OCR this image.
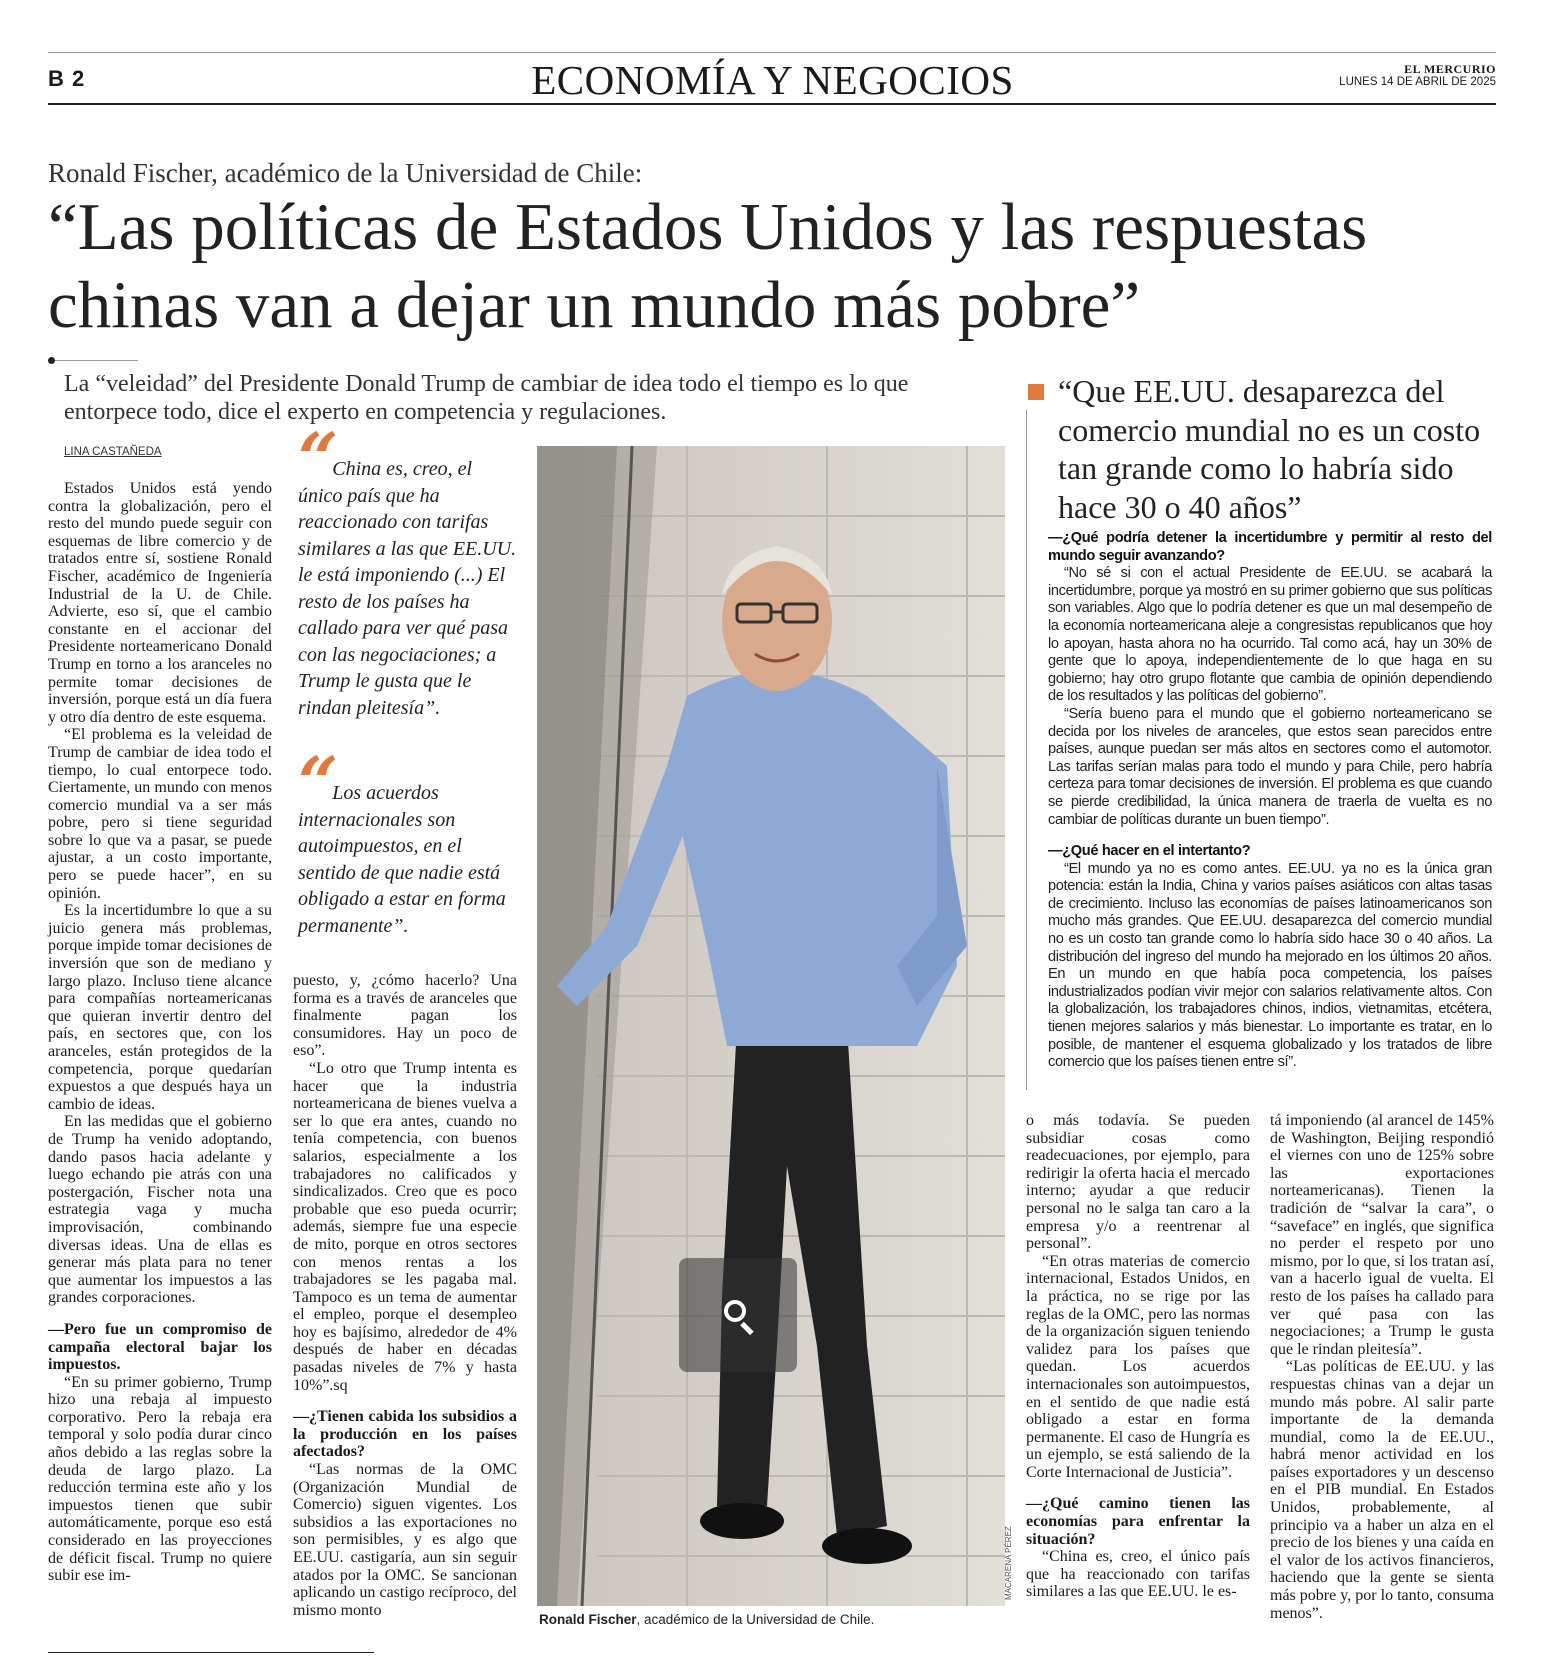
B 2	ECONOMÍA Y NEGOCIOS	EL MERCURIO
LUNES 14 DE ABRIL DE 2025
Ronald Fischer, académico de la Universidad de Chile:
“Las políticas de Estados Unidos y las respuestas
chinas van a dejar un mundo más pobre”
La “veleidad” del Presidente Donald Trump de cambiar de idea todo el tiempo es lo que entorpece todo, dice el experto en competencia y regulaciones.
LINA CASTAÑEDA

Estados Unidos está yendo contra la globalización, pero el resto del mundo puede seguir con esquemas de libre comercio y de tratados entre sí, sostiene Ronald Fischer, académico de Ingeniería Industrial de la U. de Chile. Advierte, eso sí, que el cambio constante en el accionar del Presidente norteamericano Donald Trump en torno a los aranceles no permite tomar decisiones de inversión, porque está un día fuera y otro día dentro de este esquema.

“El problema es la veleidad de Trump de cambiar de idea todo el tiempo, lo cual entorpece todo. Ciertamente, un mundo con menos comercio mundial va a ser más pobre, pero si tiene seguridad sobre lo que va a pasar, se puede ajustar, a un costo importante, pero se puede hacer”, en su opinión.

Es la incertidumbre lo que a su juicio genera más problemas, porque impide tomar decisiones de inversión que son de mediano y largo plazo. Incluso tiene alcance para compañías norteamericanas que quieran invertir dentro del país, en sectores que, con los aranceles, están protegidos de la competencia, porque quedarían expuestos a que después haya un cambio de ideas.

En las medidas que el gobierno de Trump ha venido adoptando, dando pasos hacia adelante y luego echando pie atrás con una postergación, Fischer nota una estrategia vaga y mucha improvisación, combinando diversas ideas. Una de ellas es generar más plata para no tener que aumentar los impuestos a las grandes corporaciones.

—Pero fue un compromiso de campaña electoral bajar los impuestos.

“En su primer gobierno, Trump hizo una rebaja al impuesto corporativo. Pero la rebaja era temporal y solo podía durar cinco años debido a las reglas sobre la deuda de largo plazo. La reducción termina este año y los impuestos tienen que subir automáticamente, porque eso está considerado en las proyecciones de déficit fiscal. Trump no quiere subir ese im-

“ China es, creo, el único país que ha reaccionado con tarifas similares a las que EE.UU. le está imponiendo (...) El resto de los países ha callado para ver qué pasa con las negociaciones; a Trump le gusta que le rindan pleitesía”.
“ Los acuerdos internacionales son autoimpuestos, en el sentido de que nadie está obligado a estar en forma permanente”.

puesto, y, ¿cómo hacerlo? Una forma es a través de aranceles que finalmente pagan los consumidores. Hay un poco de eso”.

“Lo otro que Trump intenta es hacer que la industria norteamericana de bienes vuelva a ser lo que era antes, cuando no tenía competencia, con buenos salarios, especialmente a los trabajadores no calificados y sindicalizados. Creo que es poco probable que eso pueda ocurrir; además, siempre fue una especie de mito, porque en otros sectores con menos rentas a los trabajadores se les pagaba mal. Tampoco es un tema de aumentar el empleo, porque el desempleo hoy es bajísimo, alrededor de 4% después de haber en décadas pasadas niveles de 7% y hasta 10%”.sq

—¿Tienen cabida los subsidios a la producción en los países afectados?

“Las normas de la OMC (Organización Mundial de Comercio) siguen vigentes. Los subsidios a las exportaciones no son permisibles, y es algo que EE.UU. castigaría, aun sin seguir atados por la OMC. Se sancionan aplicando un castigo recíproco, del mismo monto

MACARENA PÉREZ
Ronald Fischer, académico de la Universidad de Chile.
“Que EE.UU. desaparezca del comercio mundial no es un costo tan grande como lo habría sido hace 30 o 40 años”

—¿Qué podría detener la incertidumbre y permitir al resto del mundo seguir avanzando?

“No sé si con el actual Presidente de EE.UU. se acabará la incertidumbre, porque ya mostró en su primer gobierno que sus políticas son variables. Algo que lo podría detener es que un mal desempeño de la economía norteamericana aleje a congresistas republicanos que hoy lo apoyan, hasta ahora no ha ocurrido. Tal como acá, hay un 30% de gente que lo apoya, independientemente de lo que haga en su gobierno; hay otro grupo flotante que cambia de opinión dependiendo de los resultados y las políticas del gobierno”.

“Sería bueno para el mundo que el gobierno norteamericano se decida por los niveles de aranceles, que estos sean parecidos entre países, aunque puedan ser más altos en sectores como el automotor. Las tarifas serían malas para todo el mundo y para Chile, pero habría certeza para tomar decisiones de inversión. El problema es que cuando se pierde credibilidad, la única manera de traerla de vuelta es no cambiar de políticas durante un buen tiempo”.

—¿Qué hacer en el intertanto?

“El mundo ya no es como antes. EE.UU. ya no es la única gran potencia: están la India, China y varios países asiáticos con altas tasas de crecimiento. Incluso las economías de países latinoamericanos son mucho más grandes. Que EE.UU. desaparezca del comercio mundial no es un costo tan grande como lo habría sido hace 30 o 40 años. La distribución del ingreso del mundo ha mejorado en los últimos 20 años. En un mundo en que había poca competencia, los países industrializados podían vivir mejor con salarios relativamente altos. Con la globalización, los trabajadores chinos, indios, vietnamitas, etcétera, tienen mejores salarios y más bienestar. Lo importante es tratar, en lo posible, de mantener el esquema globalizado y los tratados de libre comercio que los países tienen entre sí”.

o más todavía. Se pueden subsidiar cosas como readecuaciones, por ejemplo, para redirigir la oferta hacia el mercado interno; ayudar a que reducir personal no le salga tan caro a la empresa y/o a reentrenar al personal”.

“En otras materias de comercio internacional, Estados Unidos, en la práctica, no se rige por las reglas de la OMC, pero las normas de la organización siguen teniendo validez para los países que quedan. Los acuerdos internacionales son autoimpuestos, en el sentido de que nadie está obligado a estar en forma permanente. El caso de Hungría es un ejemplo, se está saliendo de la Corte Internacional de Justicia”.

—¿Qué camino tienen las economías para enfrentar la situación?

“China es, creo, el único país que ha reaccionado con tarifas similares a las que EE.UU. le es-

tá imponiendo (al arancel de 145% de Washington, Beijing respondió el viernes con uno de 125% sobre las exportaciones norteamericanas). Tienen la tradición de “salvar la cara”, o “saveface” en inglés, que significa no perder el respeto por uno mismo, por lo que, si los tratan así, van a hacerlo igual de vuelta. El resto de los países ha callado para ver qué pasa con las negociaciones; a Trump le gusta que le rindan pleitesía”.

“Las políticas de EE.UU. y las respuestas chinas van a dejar un mundo más pobre. Al salir parte importante de la demanda mundial, como la de EE.UU., habrá menor actividad en los países exportadores y un descenso en el PIB mundial. En Estados Unidos, probablemente, al principio va a haber un alza en el precio de los bienes y una caída en el valor de los activos financieros, haciendo que la gente se sienta más pobre y, por lo tanto, consuma menos”.
